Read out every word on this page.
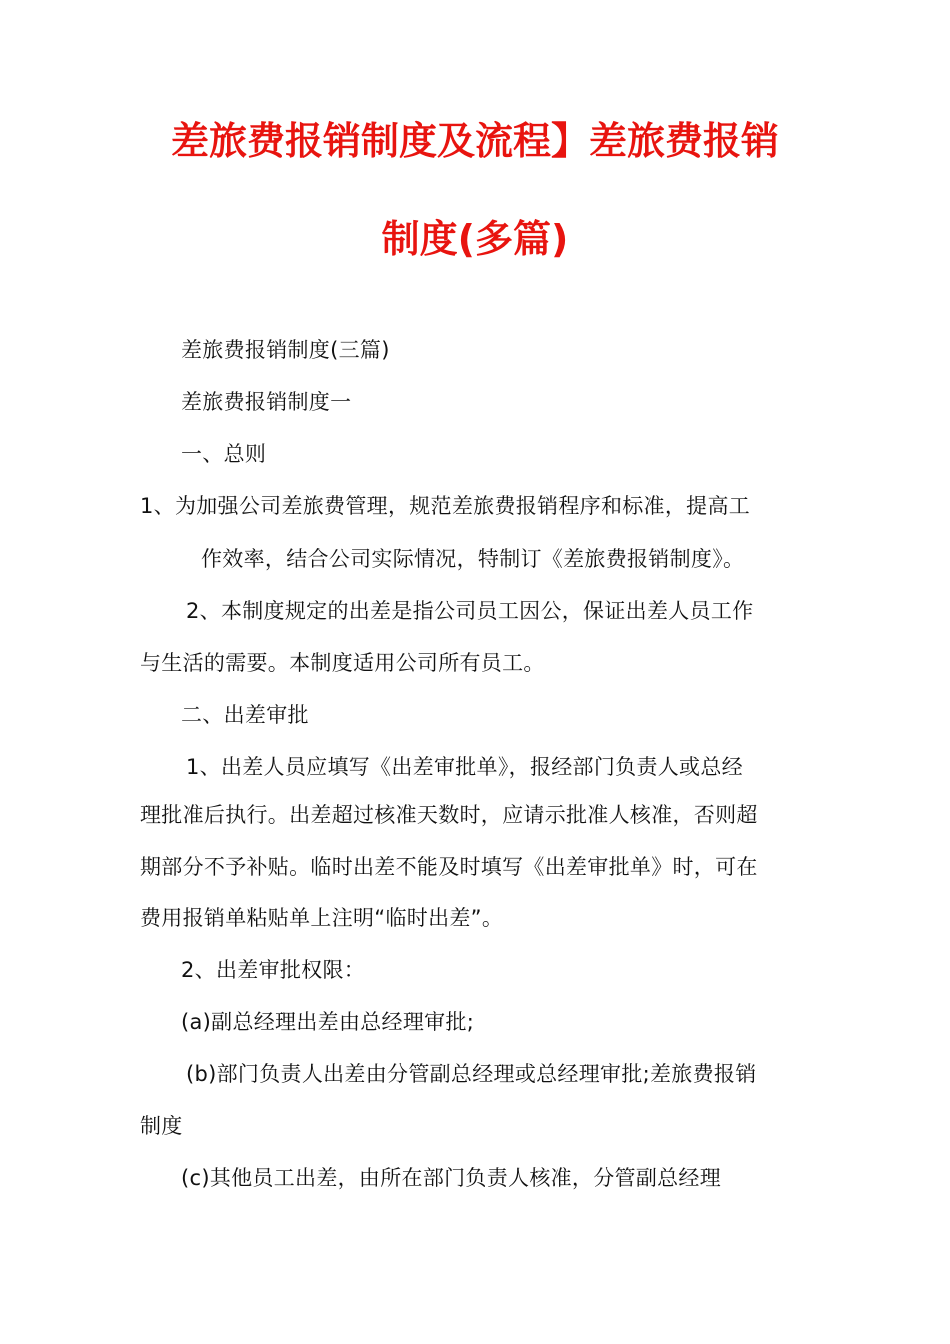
差旅费报销制度及流程】差旅费报销
制度(多篇)
差旅费报销制度(三篇)
差旅费报销制度一
一、总则
1、为加强公司差旅费管理，规范差旅费报销程序和标准，提高工
作效率，结合公司实际情况，特制订《差旅费报销制度》。
2、本制度规定的出差是指公司员工因公，保证出差人员工作
与生活的需要。本制度适用公司所有员工。
二、出差审批
1、出差人员应填写《出差审批单》，报经部门负责人或总经
理批准后执行。出差超过核准天数时，应请示批准人核准，否则超
期部分不予补贴。临时出差不能及时填写《出差审批单》时，可在
费用报销单粘贴单上注明“临时出差”。
2、出差审批权限：
(a)副总经理出差由总经理审批;
(b)部门负责人出差由分管副总经理或总经理审批;差旅费报销
制度
(c)其他员工出差，由所在部门负责人核准，分管副总经理
